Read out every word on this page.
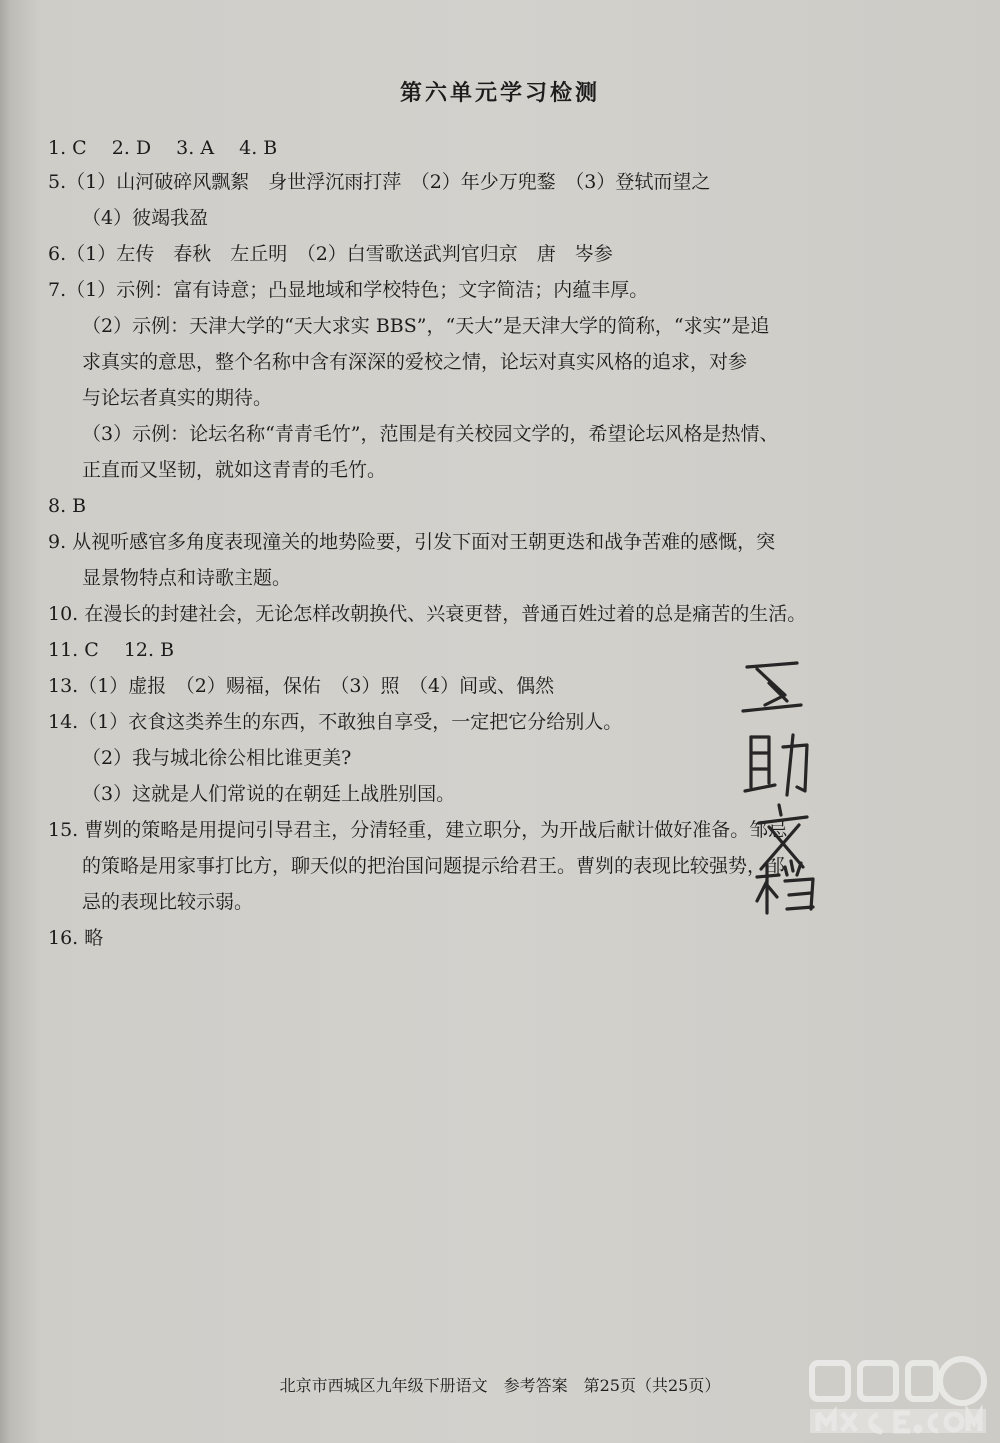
第六单元学习检测
1. C　 2. D　 3. A　 4. B
5.（1）山河破碎风飘絮　身世浮沉雨打萍　（2）年少万兜鍪　（3）登轼而望之
（4）彼竭我盈
6.（1）左传　春秋　左丘明　（2）白雪歌送武判官归京　唐　岑参
7.（1）示例：富有诗意；凸显地域和学校特色；文字简洁；内蕴丰厚。
（2）示例：天津大学的“天大求实 BBS”，“天大”是天津大学的简称，“求实”是追
求真实的意思，整个名称中含有深深的爱校之情，论坛对真实风格的追求，对参
与论坛者真实的期待。
（3）示例：论坛名称“青青毛竹”，范围是有关校园文学的，希望论坛风格是热情、
正直而又坚韧，就如这青青的毛竹。
8. B
9. 从视听感官多角度表现潼关的地势险要，引发下面对王朝更迭和战争苦难的感慨，突
显景物特点和诗歌主题。
10. 在漫长的封建社会，无论怎样改朝换代、兴衰更替，普通百姓过着的总是痛苦的生活。
11. C　 12. B
13.（1）虚报　（2）赐福，保佑　（3）照　（4）间或、偶然
14.（1）衣食这类养生的东西，不敢独自享受，一定把它分给别人。
（2）我与城北徐公相比谁更美?
（3）这就是人们常说的在朝廷上战胜别国。
15. 曹刿的策略是用提问引导君主，分清轻重，建立职分，为开战后献计做好准备。邹忌
的策略是用家事打比方，聊天似的把治国问题提示给君王。曹刿的表现比较强势，邹
忌的表现比较示弱。
16. 略
北京市西城区九年级下册语文　参考答案　第25页（共25页）
